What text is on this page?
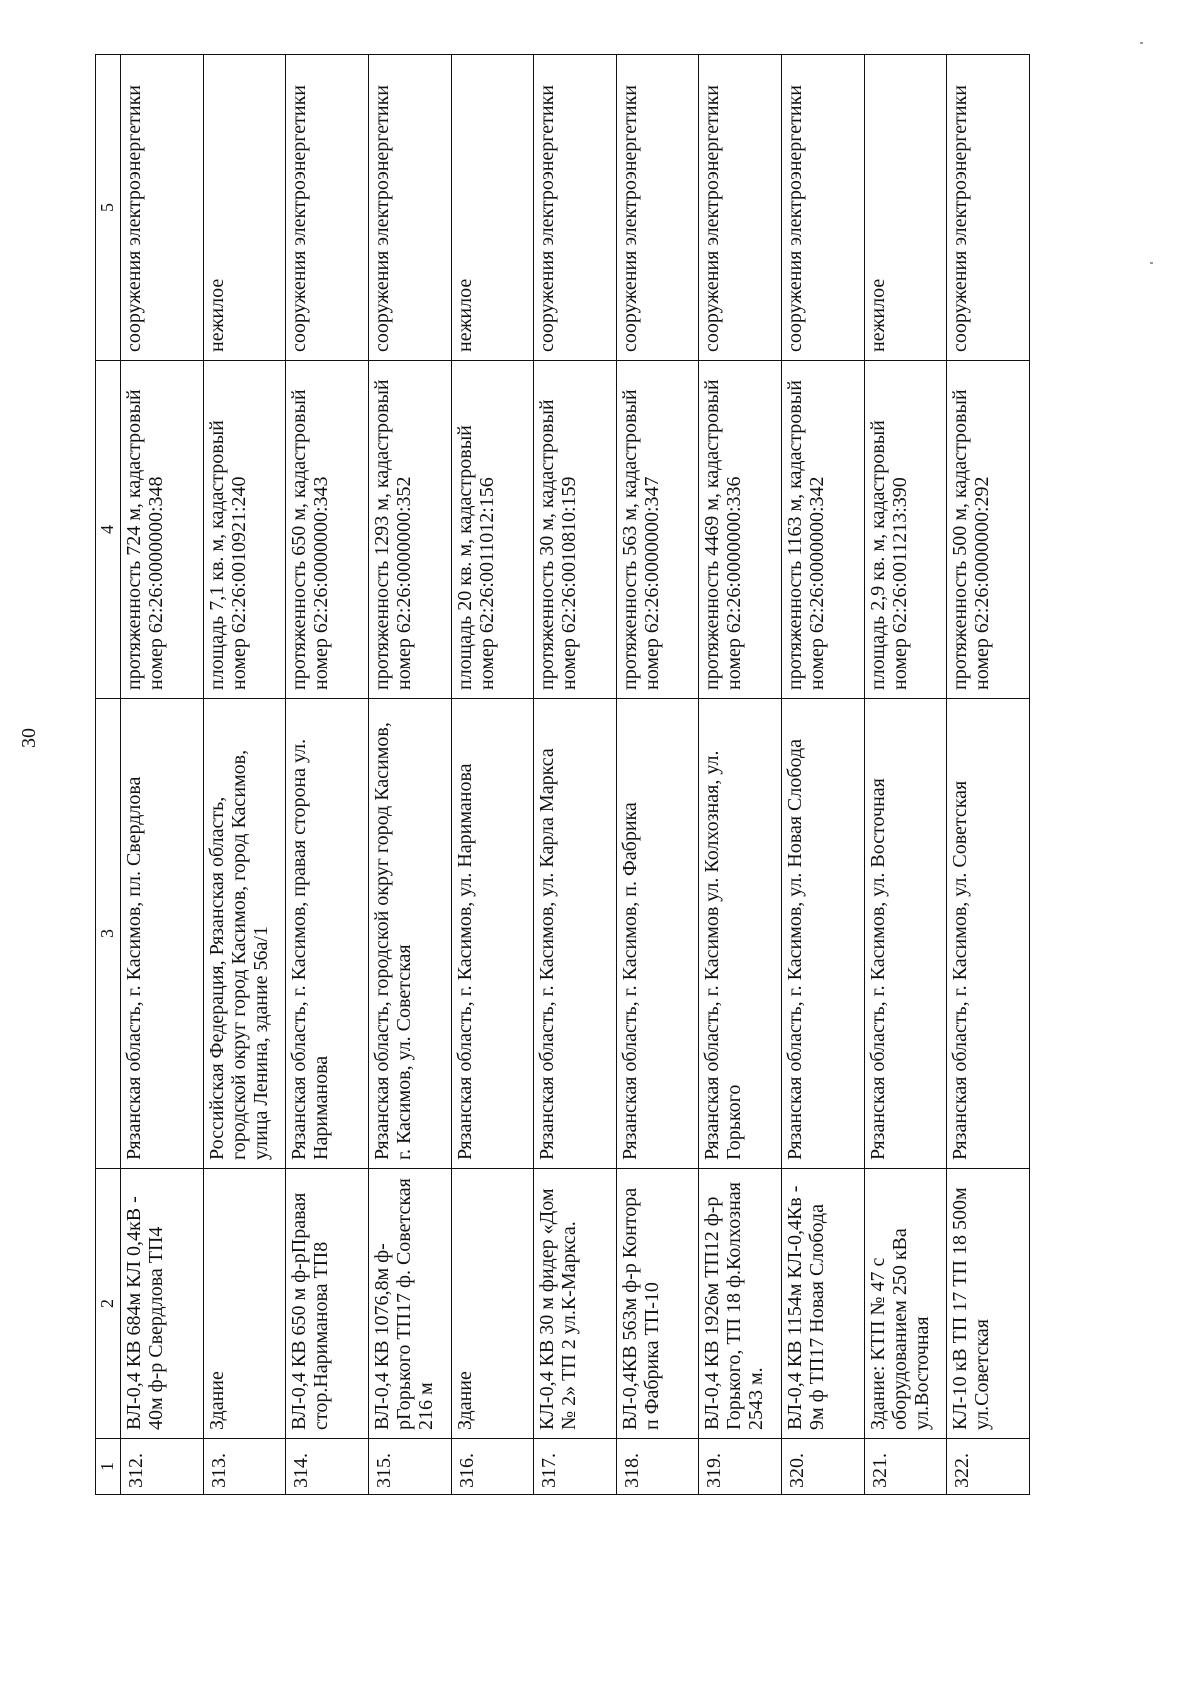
30
1	2	3	4	5
312.	ВЛ-0,4 КВ 684м КЛ 0,4кВ - 40м ф-р Свердлова ТП4	Рязанская область, г. Касимов, пл. Свердлова	протяженность 724 м, кадастровый номер 62:26:0000000:348	сооружения электроэнергетики
313.	Здание	Российская Федерация, Рязанская область, городской округ город Касимов, город Касимов, улица Ленина, здание 56а/1	площадь 7,1 кв. м, кадастровый номер 62:26:0010921:240	нежилое
314.	ВЛ-0,4 КВ 650 м ф-рПравая стор.Нариманова ТП8	Рязанская область, г. Касимов, правая сторона ул. Нариманова	протяженность 650 м, кадастровый номер 62:26:0000000:343	сооружения электроэнергетики
315.	ВЛ-0,4 КВ 1076,8м ф-рГорького ТП17 ф. Советская 216 м	Рязанская область, городской округ город Касимов, г. Касимов, ул. Советская	протяженность 1293 м, кадастровый номер 62:26:0000000:352	сооружения электроэнергетики
316.	Здание	Рязанская область, г. Касимов, ул. Нариманова	площадь 20 кв. м, кадастровый номер 62:26:0011012:156	нежилое
317.	КЛ-0,4 КВ 30 м фидер «Дом № 2» ТП 2 ул.К-Маркса.	Рязанская область, г. Касимов, ул. Карла Маркса	протяженность 30 м, кадастровый номер 62:26:0010810:159	сооружения электроэнергетики
318.	ВЛ-0,4КВ 563м ф-р Контора п Фабрика ТП-10	Рязанская область, г. Касимов, п. Фабрика	протяженность 563 м, кадастровый номер 62:26:0000000:347	сооружения электроэнергетики
319.	ВЛ-0,4 КВ 1926м ТП12 ф-р Горького, ТП 18 ф.Колхозная 2543 м.	Рязанская область, г. Касимов ул. Колхозная, ул. Горького	протяженность 4469 м, кадастровый номер 62:26:0000000:336	сооружения электроэнергетики
320.	ВЛ-0,4 КВ 1154м КЛ-0,4Кв - 9м ф ТП17 Новая Слобода	Рязанская область, г. Касимов, ул. Новая Слобода	протяженность 1163 м, кадастровый номер 62:26:0000000:342	сооружения электроэнергетики
321.	Здание: КТП № 47 с оборудованием 250 кВа ул.Восточная	Рязанская область, г. Касимов, ул. Восточная	площадь 2,9 кв. м, кадастровый номер 62:26:0011213:390	нежилое
322.	КЛ-10 кВ ТП 17 ТП 18 500м ул.Советская	Рязанская область, г. Касимов, ул. Советская	протяженность 500 м, кадастровый номер 62:26:0000000:292	сооружения электроэнергетики
